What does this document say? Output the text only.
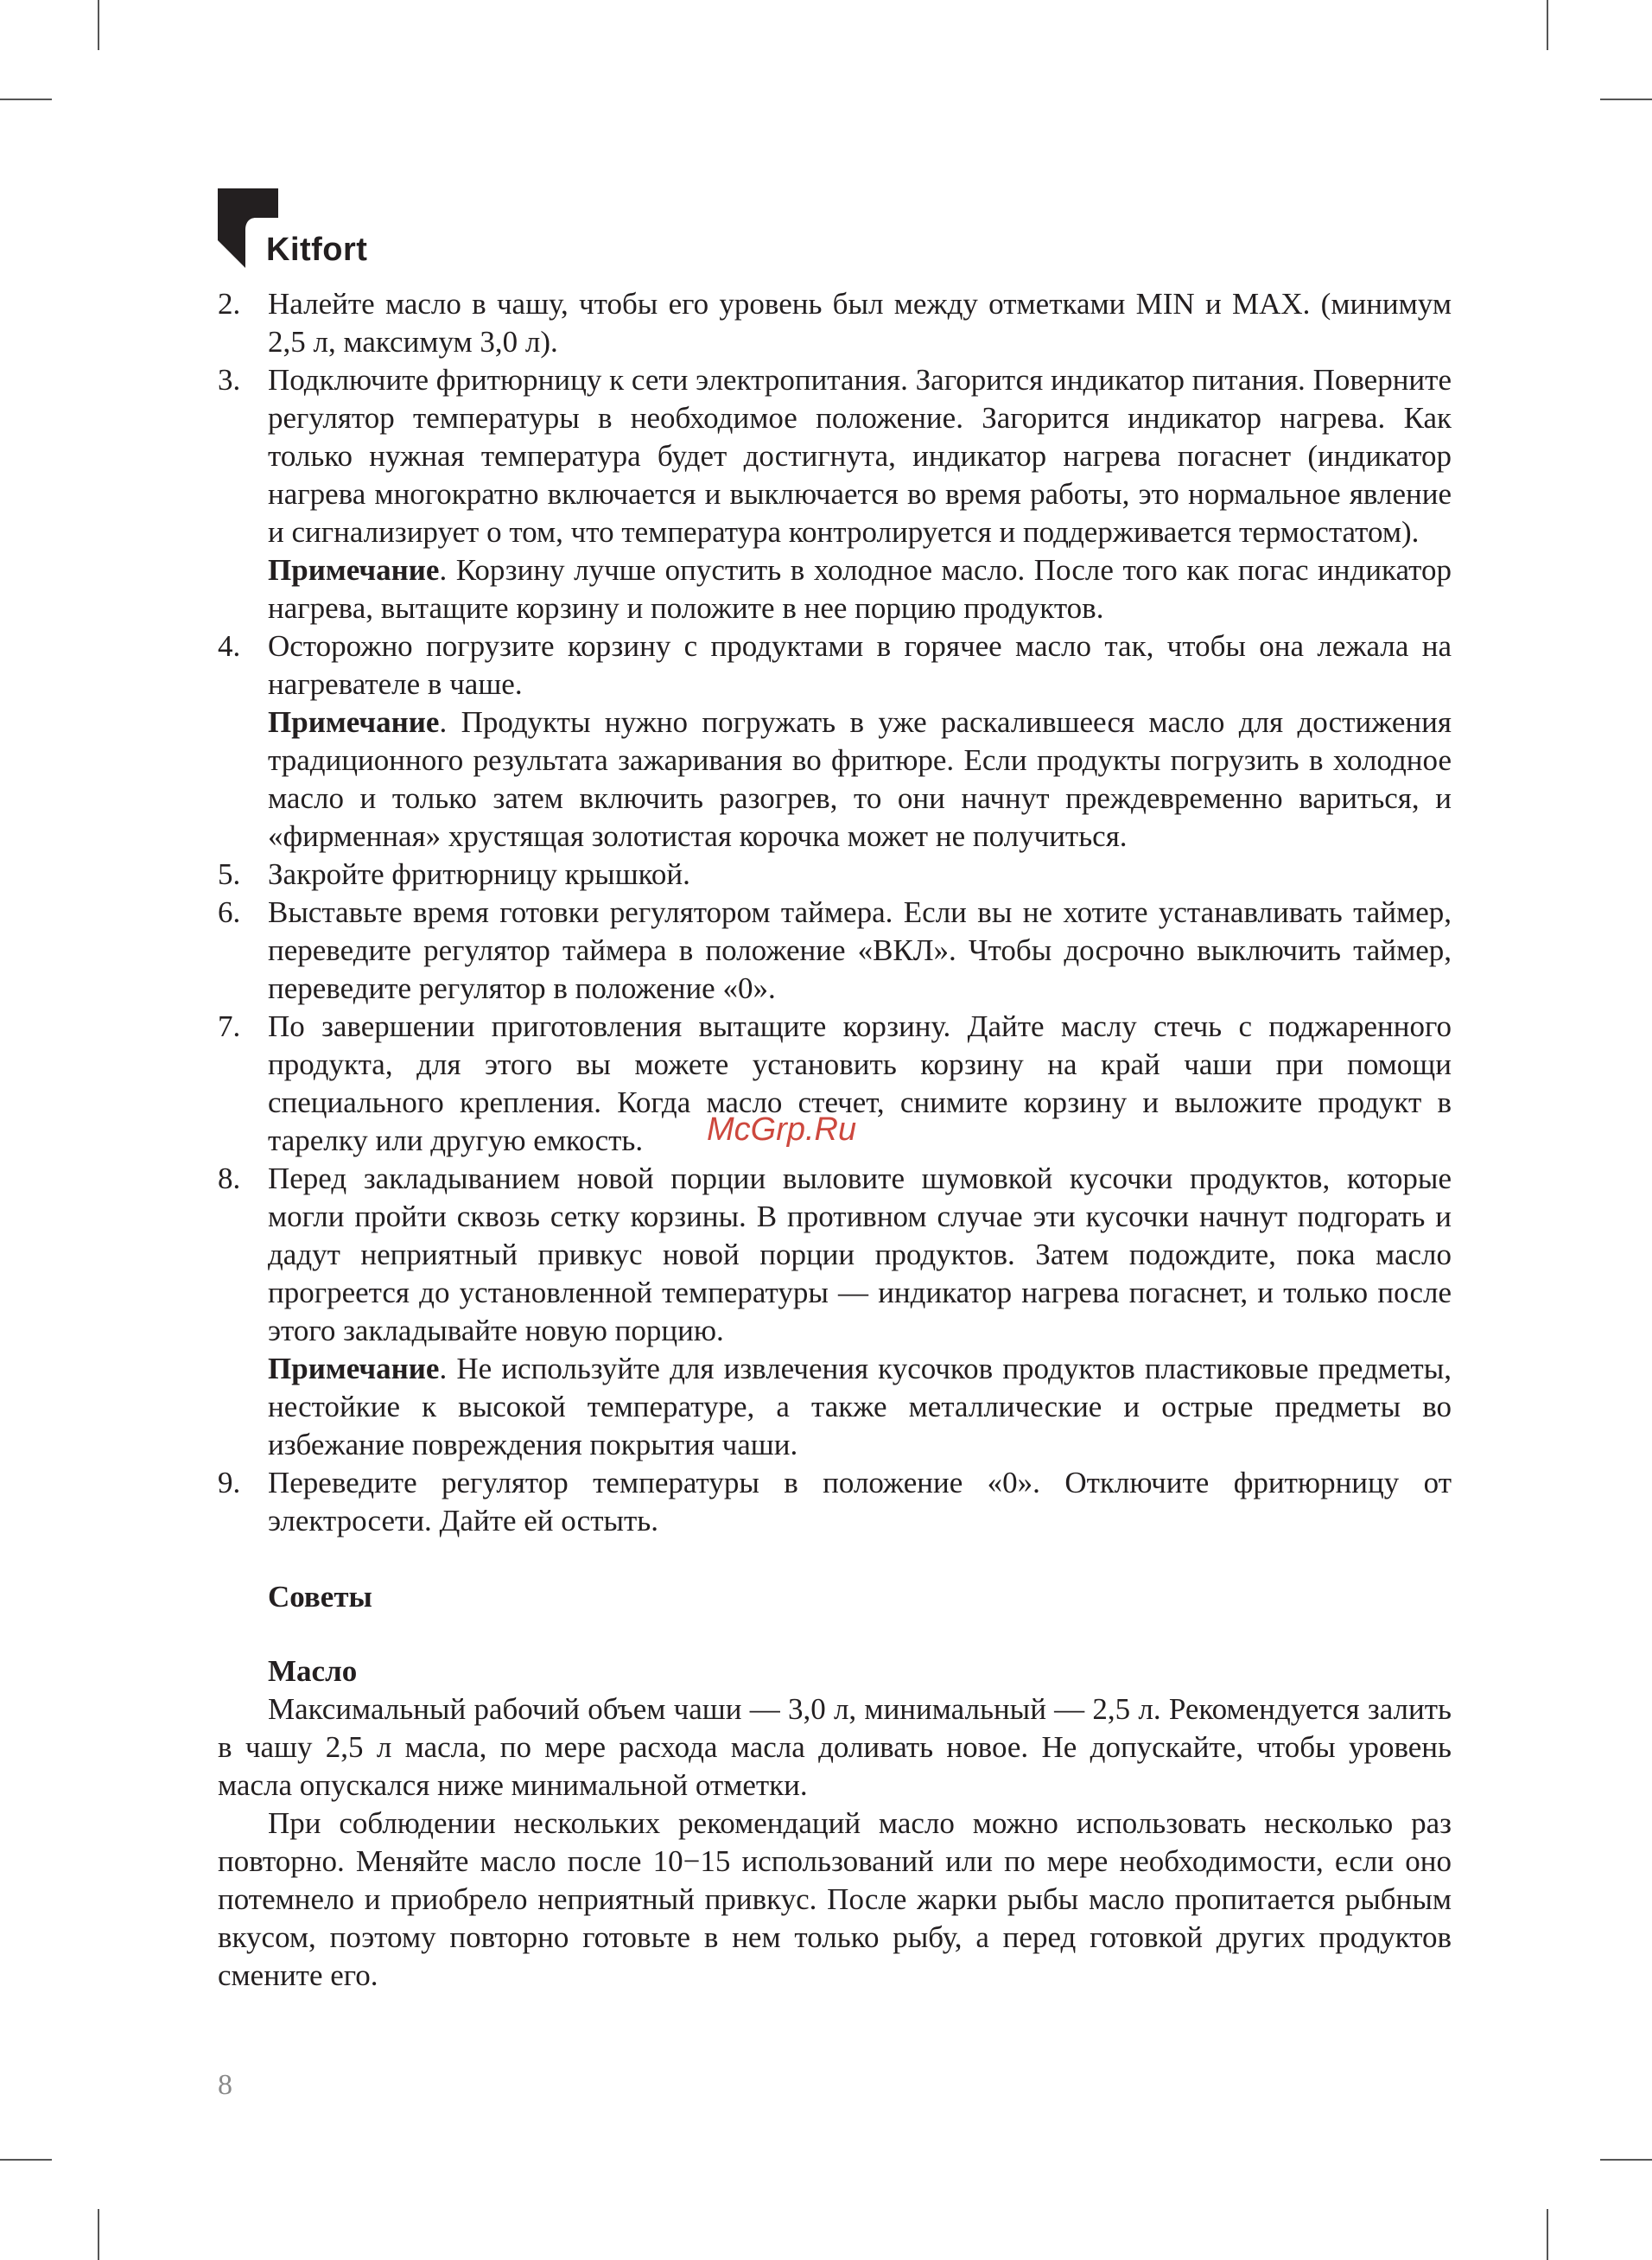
Kitfort
2. Налейте масло в чашу, чтобы его уровень был между отметками MIN и MAX. (минимум 2,5 л, максимум 3,0 л).
3. Подключите фритюрницу к сети электропитания. Загорится индикатор питания. Поверните регулятор температуры в необходимое положение. Загорится индикатор нагрева. Как только нужная температура будет достигнута, индикатор нагрева погаснет (индикатор нагрева многократно включается и выключается во время работы, это нормальное явление и сигнализирует о том, что температура контролируется и поддерживается термостатом).
Примечание. Корзину лучше опустить в холодное масло. После того как погас индикатор нагрева, вытащите корзину и положите в нее порцию продуктов.
4. Осторожно погрузите корзину с продуктами в горячее масло так, чтобы она лежала на нагревателе в чаше.
Примечание. Продукты нужно погружать в уже раскалившееся масло для достижения традиционного результата зажаривания во фритюре. Если продукты погрузить в холодное масло и только затем включить разогрев, то они начнут преждевременно вариться, и «фирменная» хрустящая золотистая корочка может не получиться.
5. Закройте фритюрницу крышкой.
6. Выставьте время готовки регулятором таймера. Если вы не хотите устанавливать таймер, переведите регулятор таймера в положение «ВКЛ». Чтобы досрочно выключить таймер, переведите регулятор в положение «0».
7. По завершении приготовления вытащите корзину. Дайте маслу стечь с поджаренного продукта, для этого вы можете установить корзину на край чаши при помощи специального крепления. Когда масло стечет, снимите корзину и выложите продукт в тарелку или другую емкость.
8. Перед закладыванием новой порции выловите шумовкой кусочки продуктов, которые могли пройти сквозь сетку корзины. В противном случае эти кусочки начнут подгорать и дадут неприятный привкус новой порции продуктов. Затем подождите, пока масло прогреется до установленной температуры — индикатор нагрева погаснет, и только после этого закладывайте новую порцию.
Примечание. Не используйте для извлечения кусочков продуктов пластиковые предметы, нестойкие к высокой температуре, а также металлические и острые предметы во избежание повреждения покрытия чаши.
9. Переведите регулятор температуры в положение «0». Отключите фритюрницу от электросети. Дайте ей остыть.
Советы
Масло

Максимальный рабочий объем чаши — 3,0 л, минимальный — 2,5 л. Рекомендуется залить в чашу 2,5 л масла, по мере расхода масла доливать новое. Не допускайте, чтобы уровень масла опускался ниже минимальной отметки.

При соблюдении нескольких рекомендаций масло можно использовать несколько раз повторно. Меняйте масло после 10−15 использований или по мере необходимости, если оно потемнело и приобрело неприятный привкус. После жарки рыбы масло пропитается рыбным вкусом, поэтому повторно готовьте в нем только рыбу, а перед готовкой других продуктов смените его.

McGrp.Ru
8
